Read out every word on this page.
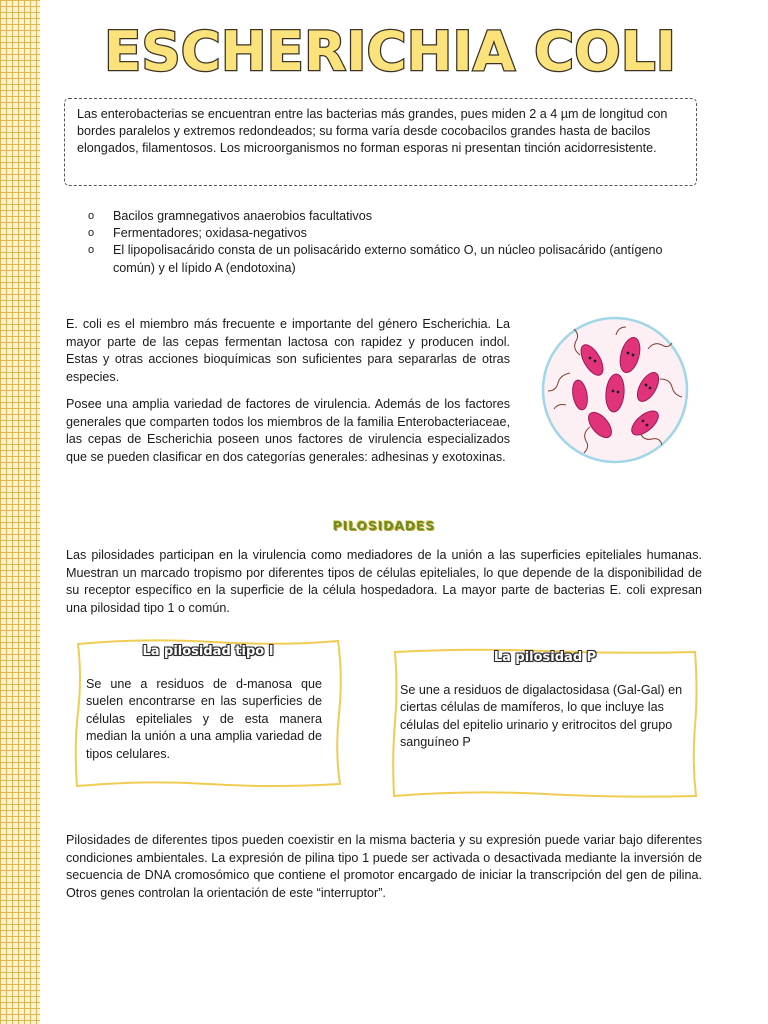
ESCHERICHIA COLI
Las enterobacterias se encuentran entre las bacterias más grandes, pues miden 2 a 4 µm de longitud con bordes paralelos y extremos redondeados; su forma varía desde cocobacilos grandes hasta de bacilos elongados, filamentosos. Los microorganismos no forman esporas ni presentan tinción acidorresistente.
o Bacilos gramnegativos anaerobios facultativos
o Fermentadores; oxidasa-negativos
o El lipopolisacárido consta de un polisacárido externo somático O, un núcleo polisacárido (antígeno común) y el lípido A (endotoxina)

E. coli es el miembro más frecuente e importante del género Escherichia. La mayor parte de las cepas fermentan lactosa con rapidez y producen indol. Estas y otras acciones bioquímicas son suficientes para separarlas de otras especies.

Posee una amplia variedad de factores de virulencia. Además de los factores generales que comparten todos los miembros de la familia Enterobacteriaceae, las cepas de Escherichia poseen unos factores de virulencia especializados que se pueden clasificar en dos categorías generales: adhesinas y exotoxinas.

PILOSIDADES

Las pilosidades participan en la virulencia como mediadores de la unión a las superficies epiteliales humanas. Muestran un marcado tropismo por diferentes tipos de células epiteliales, lo que depende de la disponibilidad de su receptor específico en la superficie de la célula hospedadora. La mayor parte de bacterias E. coli expresan una pilosidad tipo 1 o común.

La pilosidad tipo I

Se une a residuos de d-manosa que suelen encontrarse en las superficies de células epiteliales y de esta manera median la unión a una amplia variedad de tipos celulares.

La pilosidad P

Se une a residuos de digalactosidasa (Gal-Gal) en ciertas células de mamíferos, lo que incluye las células del epitelio urinario y eritrocitos del grupo sanguíneo P

Pilosidades de diferentes tipos pueden coexistir en la misma bacteria y su expresión puede variar bajo diferentes condiciones ambientales. La expresión de pilina tipo 1 puede ser activada o desactivada mediante la inversión de secuencia de DNA cromosómico que contiene el promotor encargado de iniciar la transcripción del gen de pilina. Otros genes controlan la orientación de este “interruptor”.
